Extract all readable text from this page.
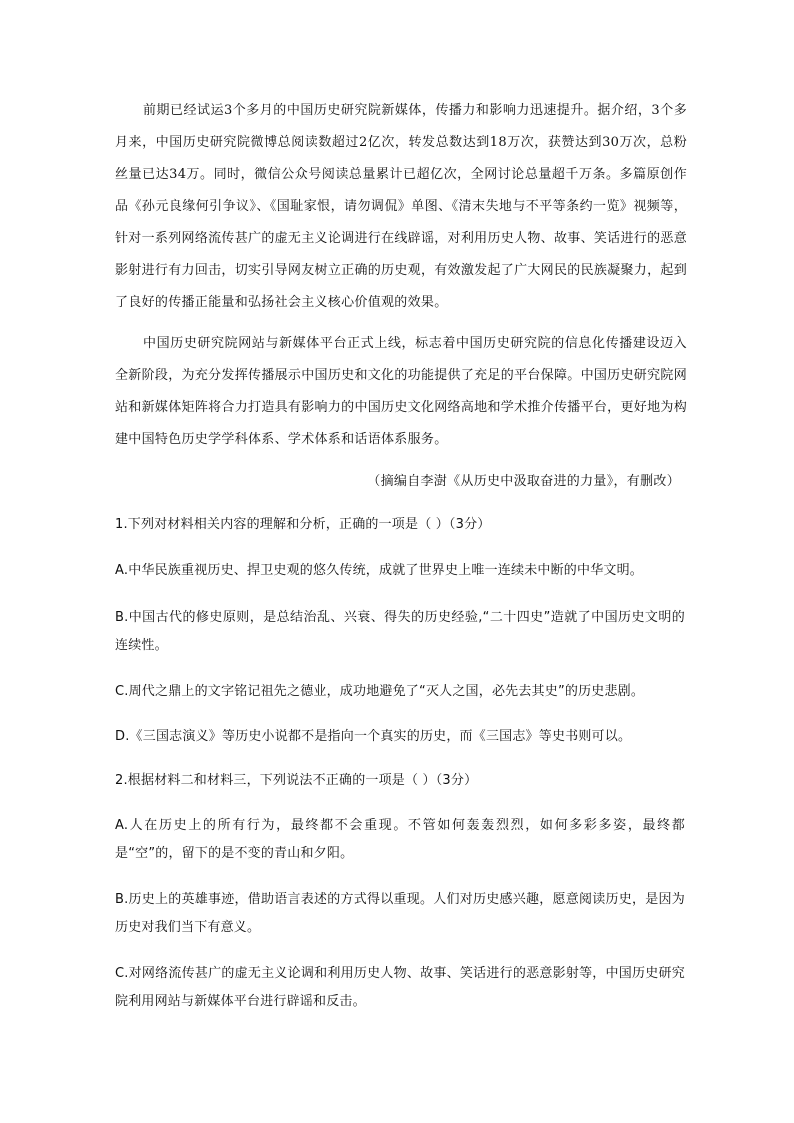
前期已经试运3个多月的中国历史研究院新媒体，传播力和影响力迅速提升。据介绍，3个多月来，中国历史研究院微博总阅读数超过2亿次，转发总数达到18万次，获赞达到30万次，总粉丝量已达34万。同时，微信公众号阅读总量累计已超亿次，全网讨论总量超千万条。多篇原创作品《孙元良缘何引争议》、《国耻家恨，请勿调侃》单图、《清末失地与不平等条约一览》视频等，针对一系列网络流传甚广的虚无主义论调进行在线辟谣，对利用历史人物、故事、笑话进行的恶意影射进行有力回击，切实引导网友树立正确的历史观，有效激发起了广大网民的民族凝聚力，起到了良好的传播正能量和弘扬社会主义核心价值观的效果。

中国历史研究院网站与新媒体平台正式上线，标志着中国历史研究院的信息化传播建设迈入全新阶段，为充分发挥传播展示中国历史和文化的功能提供了充足的平台保障。中国历史研究院网站和新媒体矩阵将合力打造具有影响力的中国历史文化网络高地和学术推介传播平台，更好地为构建中国特色历史学学科体系、学术体系和话语体系服务。

（摘编自李澍《从历史中汲取奋进的力量》，有删改）

1.下列对材料相关内容的理解和分析，正确的一项是（ ）（3分）

A.中华民族重视历史、捍卫史观的悠久传统，成就了世界史上唯一连续未中断的中华文明。

B.中国古代的修史原则，是总结治乱、兴衰、得失的历史经验,“二十四史”造就了中国历史文明的连续性。

C.周代之鼎上的文字铭记祖先之德业，成功地避免了“灭人之国，必先去其史”的历史悲剧。

D.《三国志演义》等历史小说都不是指向一个真实的历史，而《三国志》等史书则可以。

2.根据材料二和材料三，下列说法不正确的一项是（ ）（3分）

A.人在历史上的所有行为，最终都不会重现。不管如何轰轰烈烈，如何多彩多姿，最终都是“空”的，留下的是不变的青山和夕阳。

B.历史上的英雄事迹，借助语言表述的方式得以重现。人们对历史感兴趣，愿意阅读历史，是因为历史对我们当下有意义。

C.对网络流传甚广的虚无主义论调和利用历史人物、故事、笑话进行的恶意影射等，中国历史研究院利用网站与新媒体平台进行辟谣和反击。
